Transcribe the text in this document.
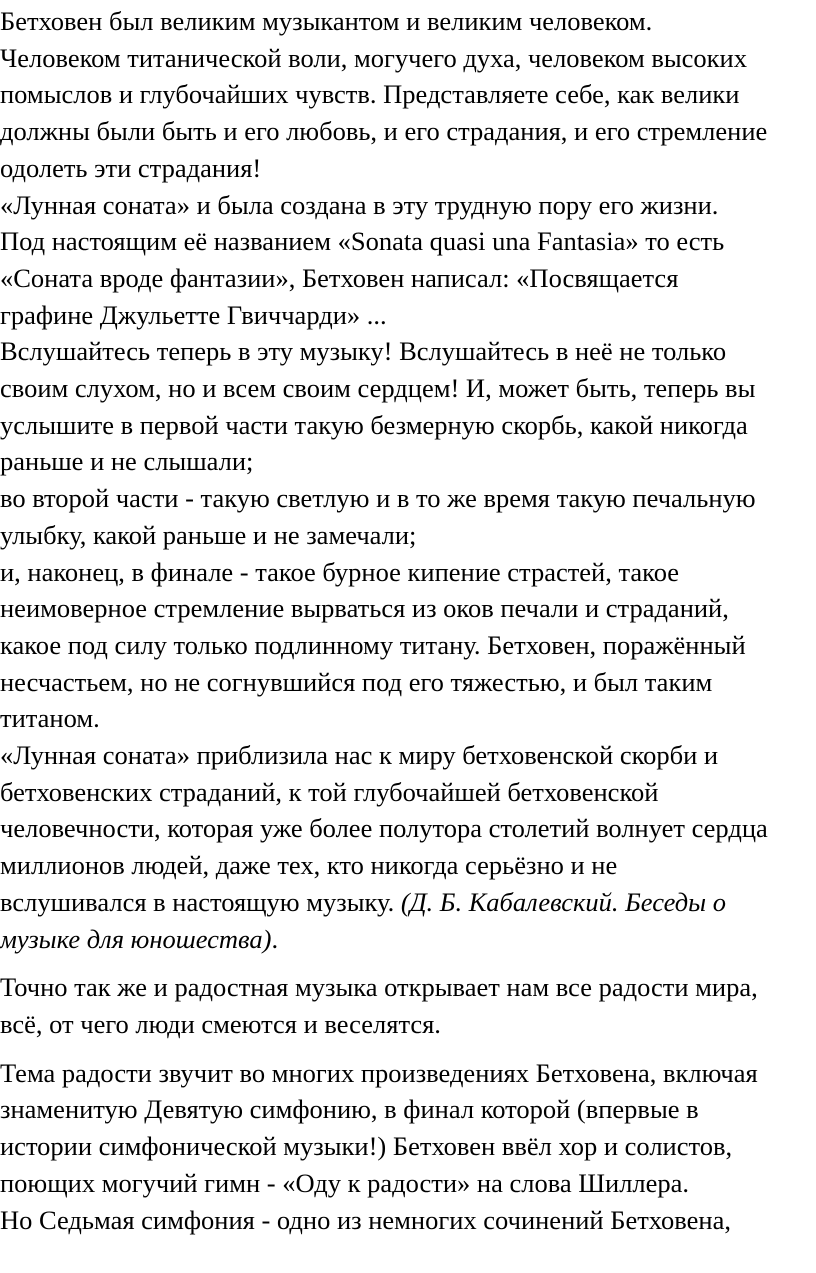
Бетховен был великим музыкантом и великим человеком.
Человеком титанической воли, могучего духа, человеком высоких
помыслов и глубочайших чувств. Представляете себе, как велики
должны были быть и его любовь, и его страдания, и его стремление
одолеть эти страдания!
«Лунная соната» и была создана в эту трудную пору его жизни.
Под настоящим её названием «Sonata quasi una Fantasia» то есть
«Соната вроде фантазии», Бетховен написал: «Посвящается
графине Джульетте Гвиччарди» ...
Вслушайтесь теперь в эту музыку! Вслушайтесь в неё не только
своим слухом, но и всем своим сердцем! И, может быть, теперь вы
услышите в первой части такую безмерную скорбь, какой никогда
раньше и не слышали;
во второй части - такую светлую и в то же время такую печальную
улыбку, какой раньше и не замечали;
и, наконец, в финале - такое бурное кипение страстей, такое
неимоверное стремление вырваться из оков печали и страданий,
какое под силу только подлинному титану. Бетховен, поражённый
несчастьем, но не согнувшийся под его тяжестью, и был таким
титаном.
«Лунная соната» приблизила нас к миру бетховенской скорби и
бетховенских страданий, к той глубочайшей бетховенской
человечности, которая уже более полутора столетий волнует сердца
миллионов людей, даже тех, кто никогда серьёзно и не
вслушивался в настоящую музыку. (Д. Б. Кабалевский. Беседы о
музыке для юношества).

Точно так же и радостная музыка открывает нам все радости мира,
всё, от чего люди смеются и веселятся.

Тема радости звучит во многих произведениях Бетховена, включая
знаменитую Девятую симфонию, в финал которой (впервые в
истории симфонической музыки!) Бетховен ввёл хор и солистов,
поющих могучий гимн - «Оду к радости» на слова Шиллера.
Но Седьмая симфония - одно из немногих сочинений Бетховена,
